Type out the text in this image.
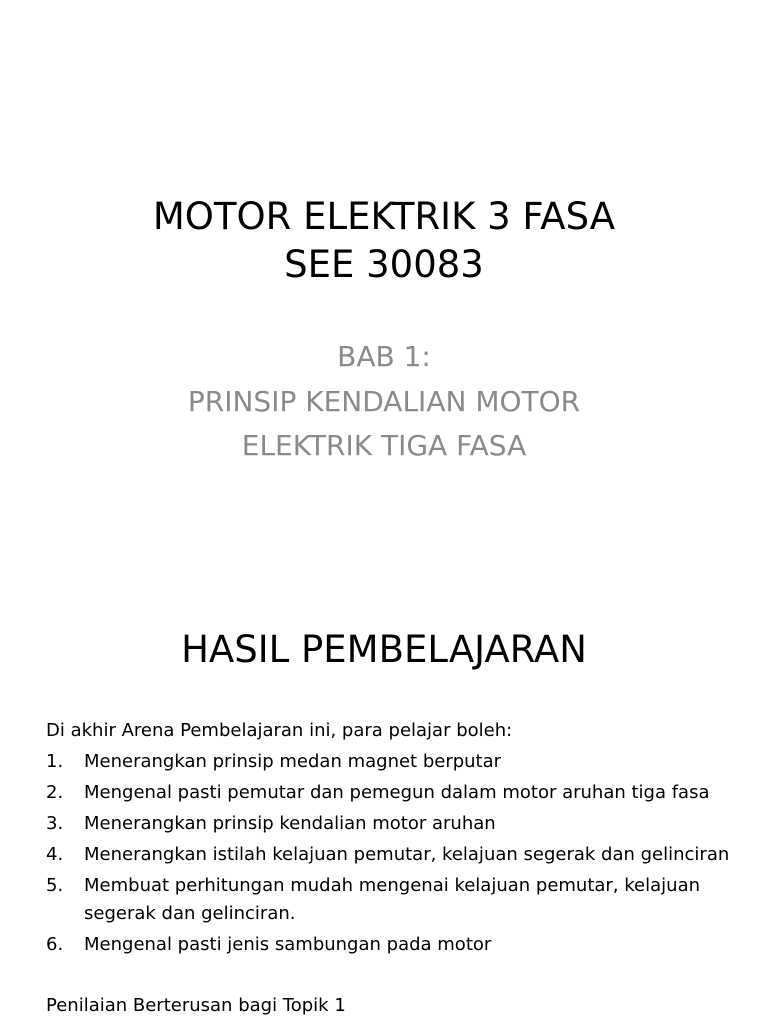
MOTOR ELEKTRIK 3 FASA
SEE 30083
BAB 1:
PRINSIP KENDALIAN MOTOR
ELEKTRIK TIGA FASA
HASIL PEMBELAJARAN
Di akhir Arena Pembelajaran ini, para pelajar boleh:
1.	Menerangkan prinsip medan magnet berputar
2.	Mengenal pasti pemutar dan pemegun dalam motor aruhan tiga fasa
3.	Menerangkan prinsip kendalian motor aruhan
4.	Menerangkan istilah kelajuan pemutar, kelajuan segerak dan gelinciran
5.	Membuat perhitungan mudah mengenai kelajuan pemutar, kelajuan segerak dan gelinciran.
6.	Mengenal pasti jenis sambungan pada motor
Penilaian Berterusan bagi Topik 1
